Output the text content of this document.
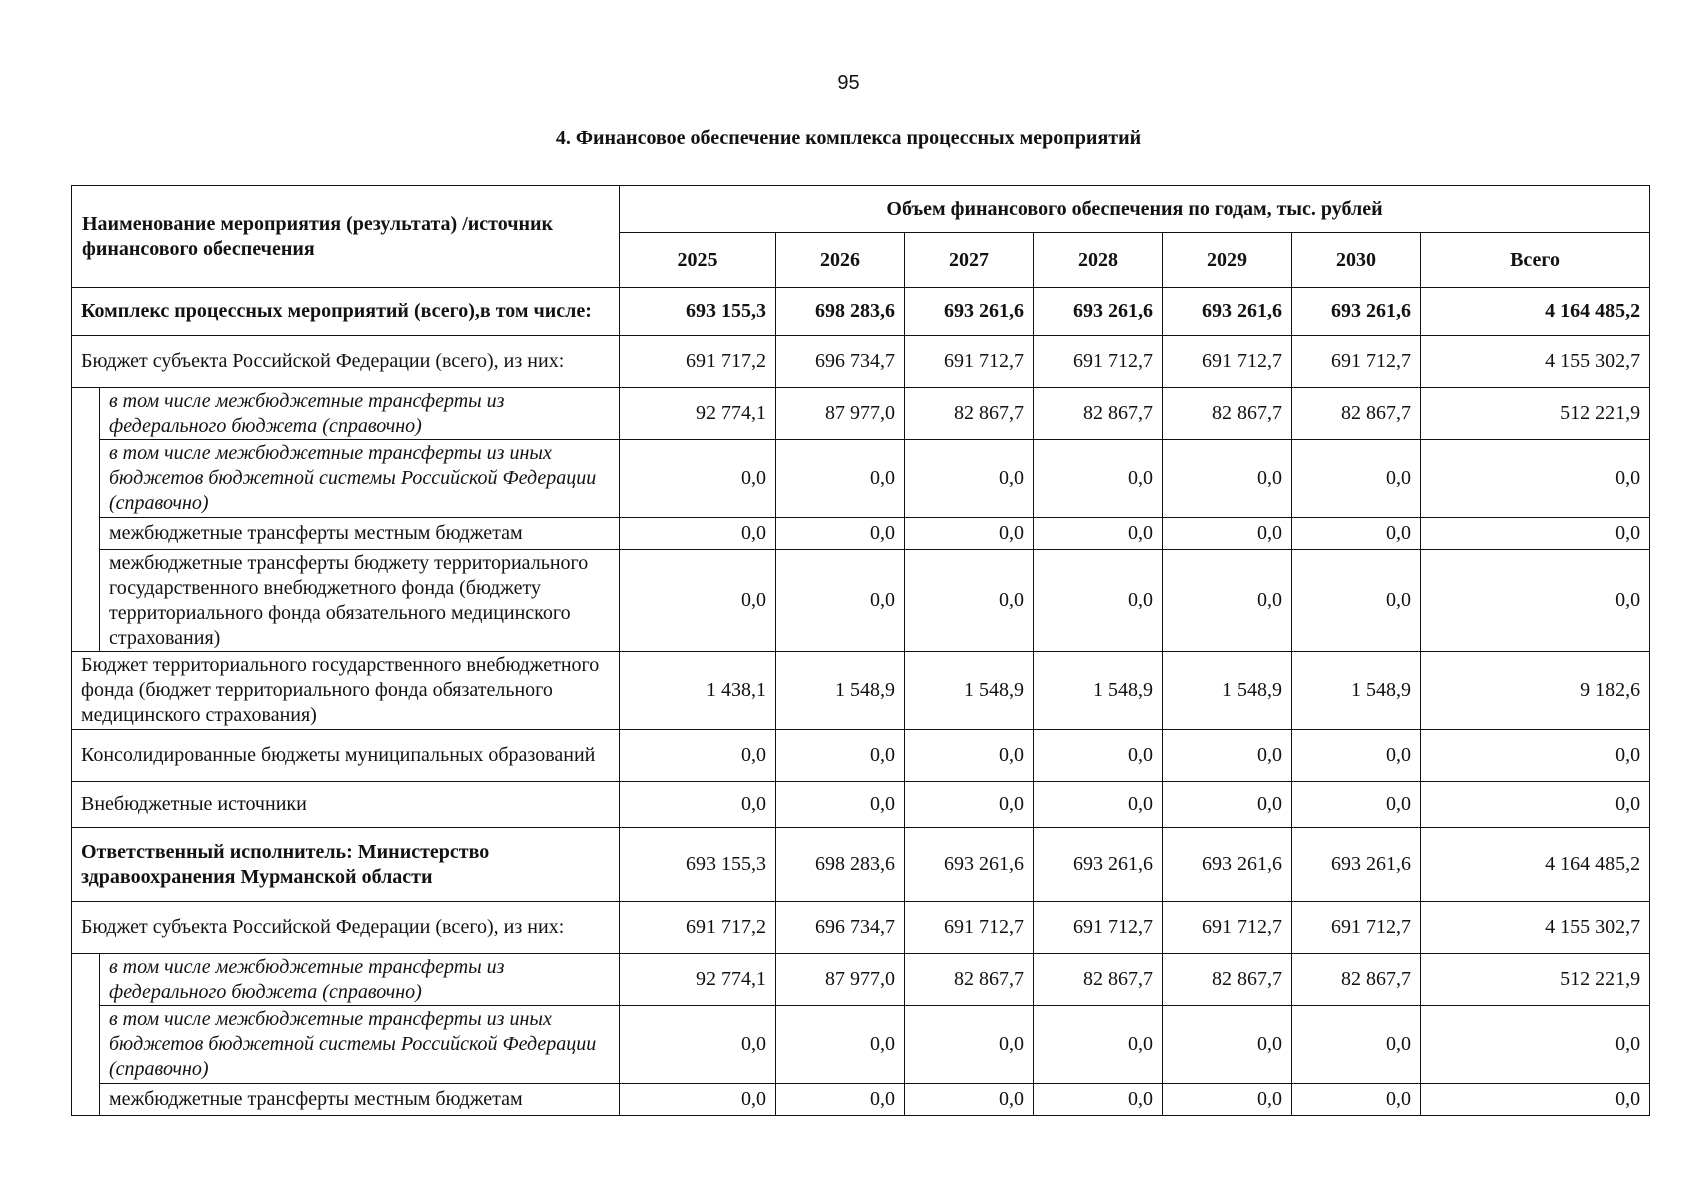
95
4. Финансовое обеспечение комплекса процессных мероприятий
Наименование мероприятия (результата) /источник финансового обеспечения		Объем финансового обеспечения по годам, тыс. рублей						
		2025	2026	2027	2028	2029	2030	Всего
Комплекс процессных мероприятий (всего),в том числе:		693 155,3	698 283,6	693 261,6	693 261,6	693 261,6	693 261,6	4 164 485,2
Бюджет субъекта Российской Федерации (всего), из них:		691 717,2	696 734,7	691 712,7	691 712,7	691 712,7	691 712,7	4 155 302,7
	в том числе межбюджетные трансферты из федерального бюджета (справочно)	92 774,1	87 977,0	82 867,7	82 867,7	82 867,7	82 867,7	512 221,9
	в том числе межбюджетные трансферты из иных бюджетов бюджетной системы Российской Федерации (справочно)	0,0	0,0	0,0	0,0	0,0	0,0	0,0
	межбюджетные трансферты местным бюджетам	0,0	0,0	0,0	0,0	0,0	0,0	0,0
	межбюджетные трансферты бюджету территориального государственного внебюджетного фонда (бюджету территориального фонда обязательного медицинского страхования)	0,0	0,0	0,0	0,0	0,0	0,0	0,0
Бюджет территориального государственного внебюджетного фонда (бюджет территориального фонда обязательного медицинского страхования)		1 438,1	1 548,9	1 548,9	1 548,9	1 548,9	1 548,9	9 182,6
Консолидированные бюджеты муниципальных образований		0,0	0,0	0,0	0,0	0,0	0,0	0,0
Внебюджетные источники		0,0	0,0	0,0	0,0	0,0	0,0	0,0
Ответственный исполнитель: Министерство здравоохранения Мурманской области		693 155,3	698 283,6	693 261,6	693 261,6	693 261,6	693 261,6	4 164 485,2
Бюджет субъекта Российской Федерации (всего), из них:		691 717,2	696 734,7	691 712,7	691 712,7	691 712,7	691 712,7	4 155 302,7
	в том числе межбюджетные трансферты из федерального бюджета (справочно)	92 774,1	87 977,0	82 867,7	82 867,7	82 867,7	82 867,7	512 221,9
	в том числе межбюджетные трансферты из иных бюджетов бюджетной системы Российской Федерации (справочно)	0,0	0,0	0,0	0,0	0,0	0,0	0,0
	межбюджетные трансферты местным бюджетам	0,0	0,0	0,0	0,0	0,0	0,0	0,0
